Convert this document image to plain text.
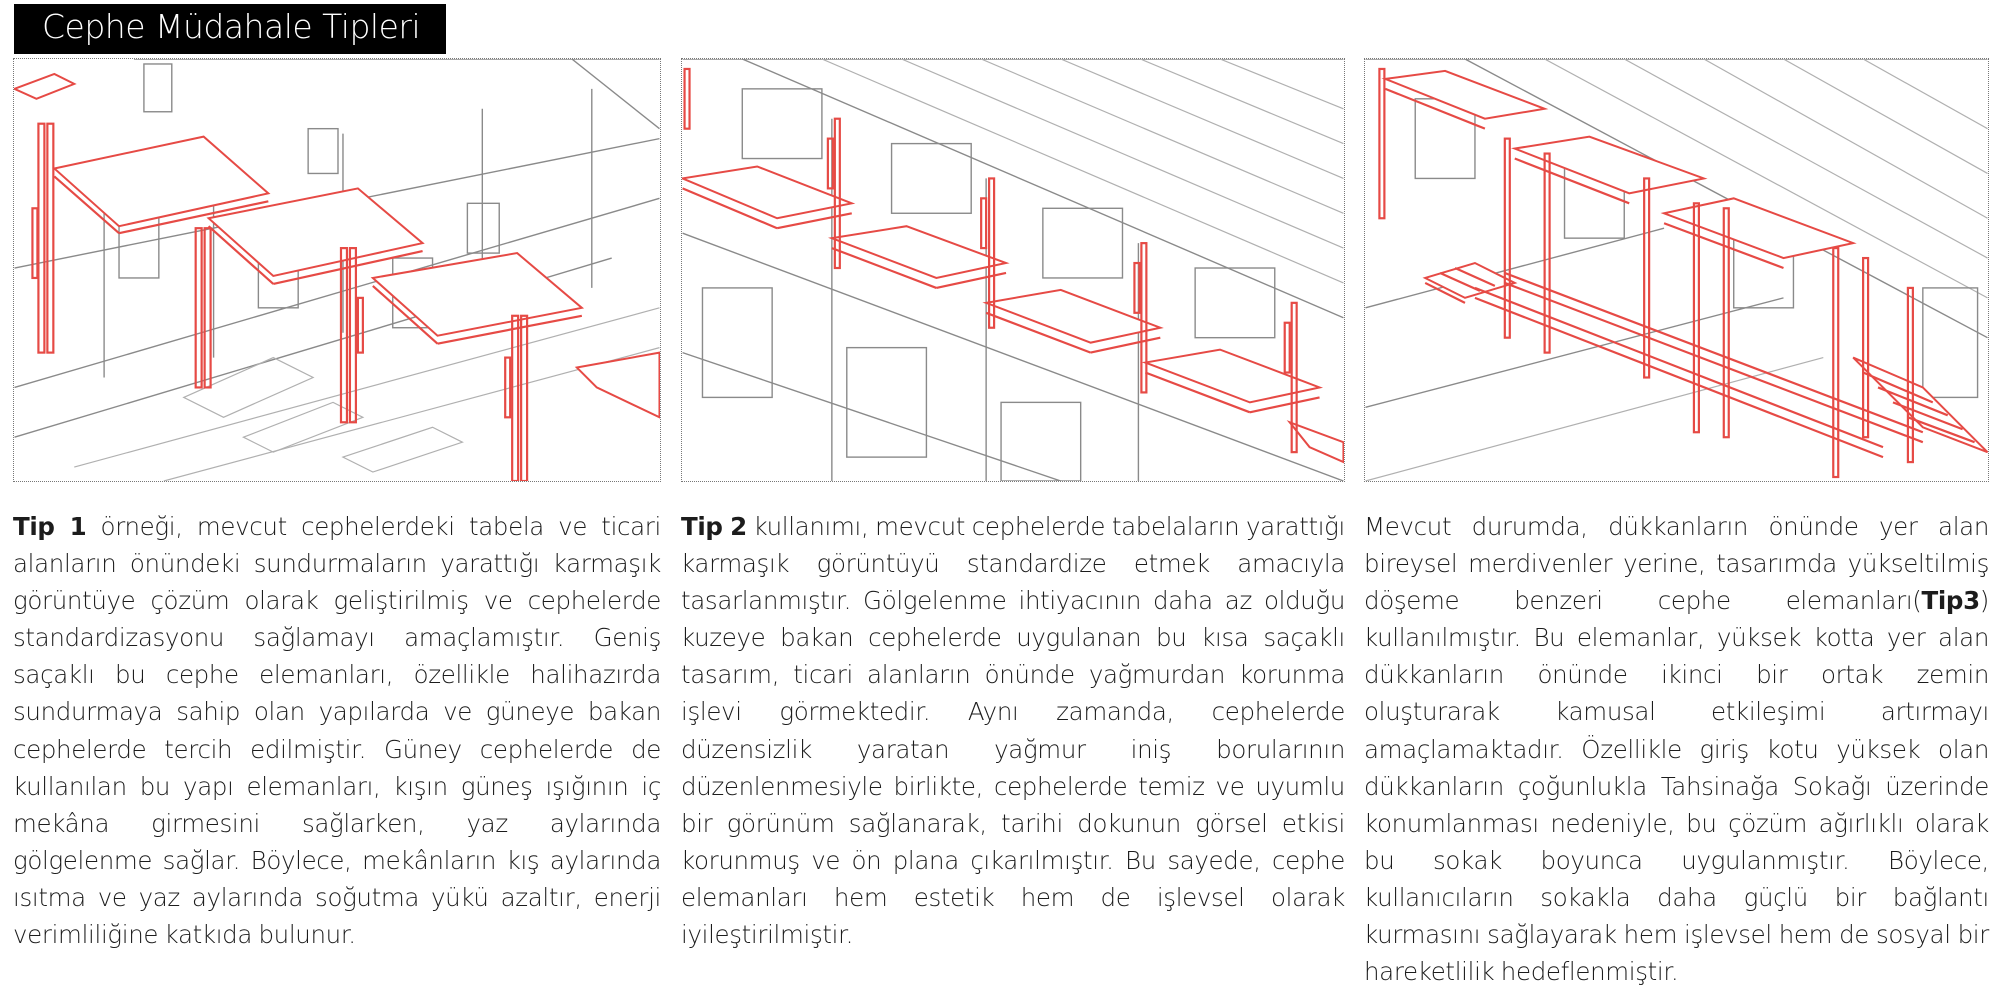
Cephe Müdahale Tipleri
Tip 1 örneği, mevcut cephelerdeki tabela ve ticari alanların önündeki sundurmaların yarattığı karmaşık görüntüye çözüm olarak geliştirilmiş ve cephelerde standardizasyonu sağlamayı amaçlamıştır. Geniş saçaklı bu cephe elemanları, özellikle halihazırda sundurmaya sahip olan yapılarda ve güneye bakan cephelerde tercih edilmiştir. Güney cephelerde de kullanılan bu yapı elemanları, kışın güneş ışığının iç mekâna girmesini sağlarken, yaz aylarında gölgelenme sağlar. Böylece, mekânların kış aylarında ısıtma ve yaz aylarında soğutma yükü azaltır, enerji verimliliğine katkıda bulunur.
Tip 2 kullanımı, mevcut cephelerde tabelaların yarattığı karmaşık görüntüyü standardize etmek amacıyla tasarlanmıştır. Gölgelenme ihtiyacının daha az olduğu kuzeye bakan cephelerde uygulanan bu kısa saçaklı tasarım, ticari alanların önünde yağmurdan korunma işlevi görmektedir. Aynı zamanda, cephelerde düzensizlik yaratan yağmur iniş borularının düzenlenmesiyle birlikte, cephelerde temiz ve uyumlu bir görünüm sağlanarak, tarihi dokunun görsel etkisi korunmuş ve ön plana çıkarılmıştır. Bu sayede, cephe elemanları hem estetik hem de işlevsel olarak iyileştirilmiştir.
Mevcut durumda, dükkanların önünde yer alan bireysel merdivenler yerine, tasarımda yükseltilmiş döşeme benzeri cephe elemanları(Tip3) kullanılmıştır. Bu elemanlar, yüksek kotta yer alan dükkanların önünde ikinci bir ortak zemin oluşturarak kamusal etkileşimi artırmayı amaçlamaktadır. Özellikle giriş kotu yüksek olan dükkanların çoğunlukla Tahsinağa Sokağı üzerinde konumlanması nedeniyle, bu çözüm ağırlıklı olarak bu sokak boyunca uygulanmıştır. Böylece, kullanıcıların sokakla daha güçlü bir bağlantı kurmasını sağlayarak hem işlevsel hem de sosyal bir hareketlilik hedeflenmiştir.
